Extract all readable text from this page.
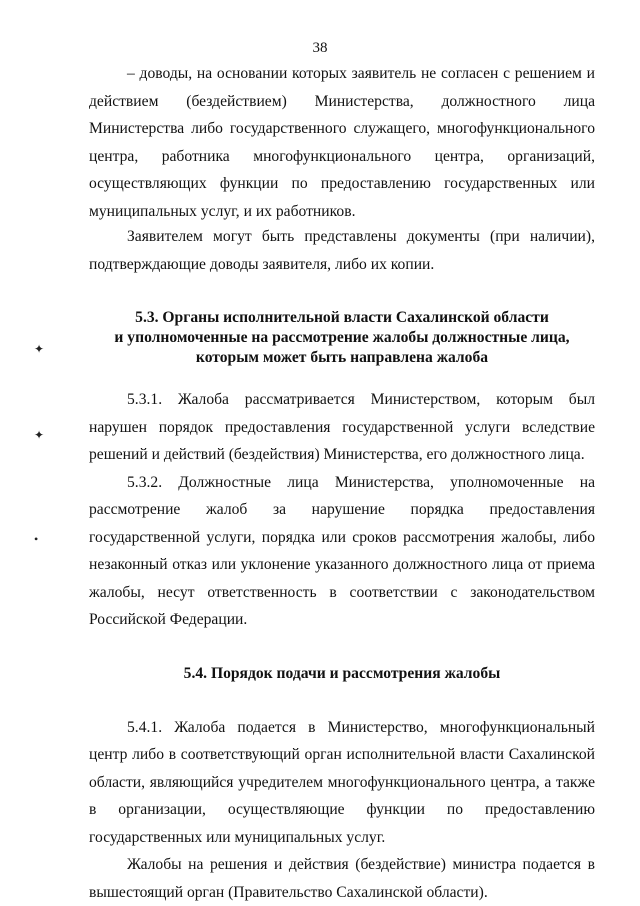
38
✦
✦
•

– доводы, на основании которых заявитель не согласен с решением и действием (бездействием) Министерства, должностного лица Министерства либо государственного служащего, многофункционального центра, работника многофункционального центра, организаций, осуществляющих функции по предоставлению государственных или муниципальных услуг, и их работников.

Заявителем могут быть представлены документы (при наличии), подтверждающие доводы заявителя, либо их копии.

5.3. Органы исполнительной власти Сахалинской области

и уполномоченные на рассмотрение жалобы должностные лица,

которым может быть направлена жалоба

5.3.1. Жалоба рассматривается Министерством, которым был нарушен порядок предоставления государственной услуги вследствие решений и действий (бездействия) Министерства, его должностного лица.

5.3.2. Должностные лица Министерства, уполномоченные на рассмотрение жалоб за нарушение порядка предоставления государственной услуги, порядка или сроков рассмотрения жалобы, либо незаконный отказ или уклонение указанного должностного лица от приема жалобы, несут ответственность в соответствии с законодательством Российской Федерации.

5.4. Порядок подачи и рассмотрения жалобы

5.4.1. Жалоба подается в Министерство, многофункциональный центр либо в соответствующий орган исполнительной власти Сахалинской области, являющийся учредителем многофункционального центра, а также в организации, осуществляющие функции по предоставлению государственных или муниципальных услуг.

Жалобы на решения и действия (бездействие) министра подается в вышестоящий орган (Правительство Сахалинской области).
